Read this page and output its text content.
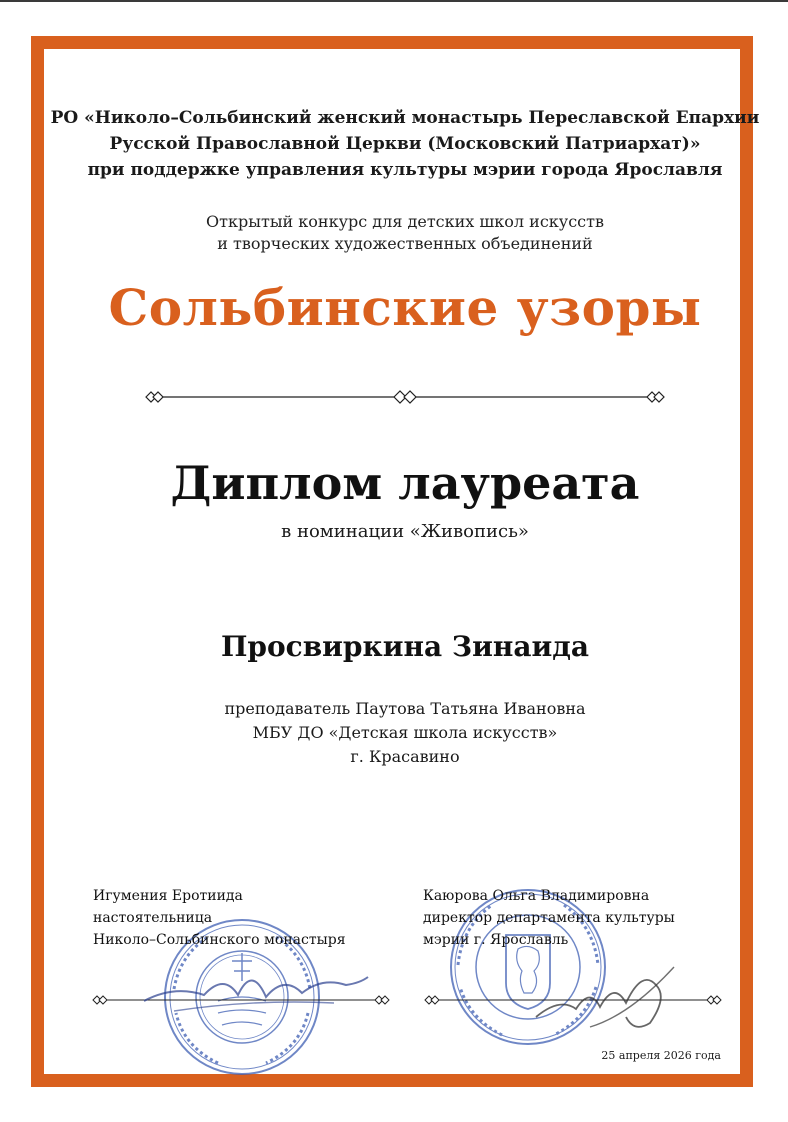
РО «Николо–Сольбинский женский монастырь Переславской Епархии
Русской Православной Церкви (Московский Патриархат)»
при поддержке управления культуры мэрии города Ярославля
Открытый конкурс для детских школ искусств
и творческих художественных объединений
Сольбинские узоры
Диплом лауреата
в номинации «Живопись»
Просвиркина Зинаида
преподаватель Паутова Татьяна Ивановна
МБУ ДО «Детская школа искусств»
г. Красавино
Игумения Еротиида
настоятельница
Николо–Сольбинского монастыря
Каюрова Ольга Владимировна
директор департамента культуры
мэрии г. Ярославль
25 апреля 2026 года
